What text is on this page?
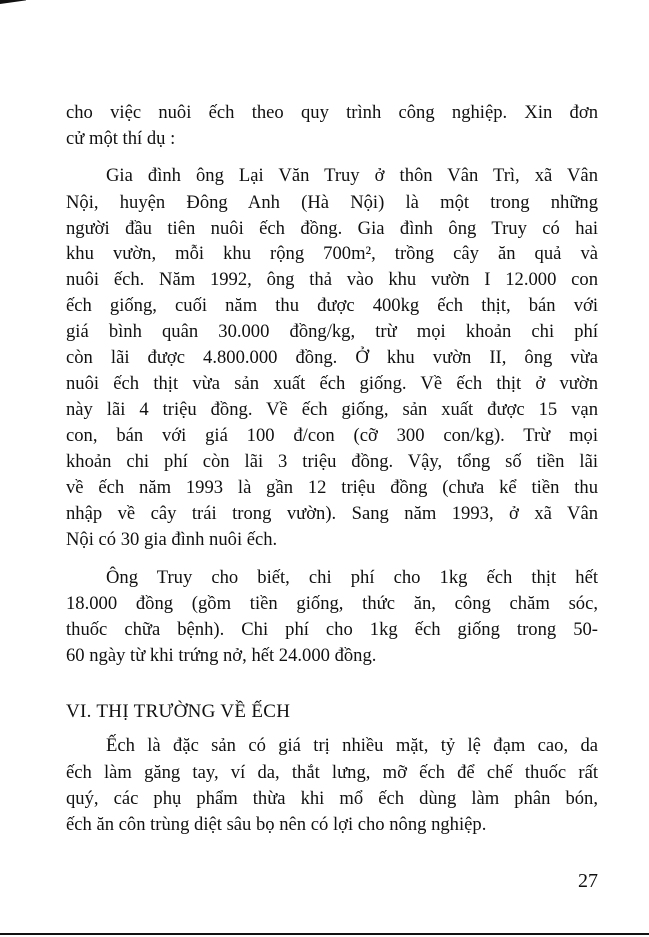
cho việc nuôi ếch theo quy trình công nghiệp. Xin đơn
cử một thí dụ :
Gia đình ông Lại Văn Truy ở thôn Vân Trì, xã Vân
Nội, huyện Đông Anh (Hà Nội) là một trong những
người đầu tiên nuôi ếch đồng. Gia đình ông Truy có hai
khu vườn, mỗi khu rộng 700m², trồng cây ăn quả và
nuôi ếch. Năm 1992, ông thả vào khu vườn I 12.000 con
ếch giống, cuối năm thu được 400kg ếch thịt, bán với
giá bình quân 30.000 đồng/kg, trừ mọi khoản chi phí
còn lãi được 4.800.000 đồng. Ở khu vườn II, ông vừa
nuôi ếch thịt vừa sản xuất ếch giống. Về ếch thịt ở vườn
này lãi 4 triệu đồng. Về ếch giống, sản xuất được 15 vạn
con, bán với giá 100 đ/con (cỡ 300 con/kg). Trừ mọi
khoản chi phí còn lãi 3 triệu đồng. Vậy, tổng số tiền lãi
về ếch năm 1993 là gần 12 triệu đồng (chưa kể tiền thu
nhập về cây trái trong vườn). Sang năm 1993, ở xã Vân
Nội có 30 gia đình nuôi ếch.
Ông Truy cho biết, chi phí cho 1kg ếch thịt hết
18.000 đồng (gồm tiền giống, thức ăn, công chăm sóc,
thuốc chữa bệnh). Chi phí cho 1kg ếch giống trong 50-
60 ngày từ khi trứng nở, hết 24.000 đồng.
Ếch là đặc sản có giá trị nhiều mặt, tỷ lệ đạm cao, da
ếch làm găng tay, ví da, thắt lưng, mỡ ếch để chế thuốc rất
quý, các phụ phẩm thừa khi mổ ếch dùng làm phân bón,
ếch ăn côn trùng diệt sâu bọ nên có lợi cho nông nghiệp.
VI. THỊ TRƯỜNG VỀ ẾCH
27
